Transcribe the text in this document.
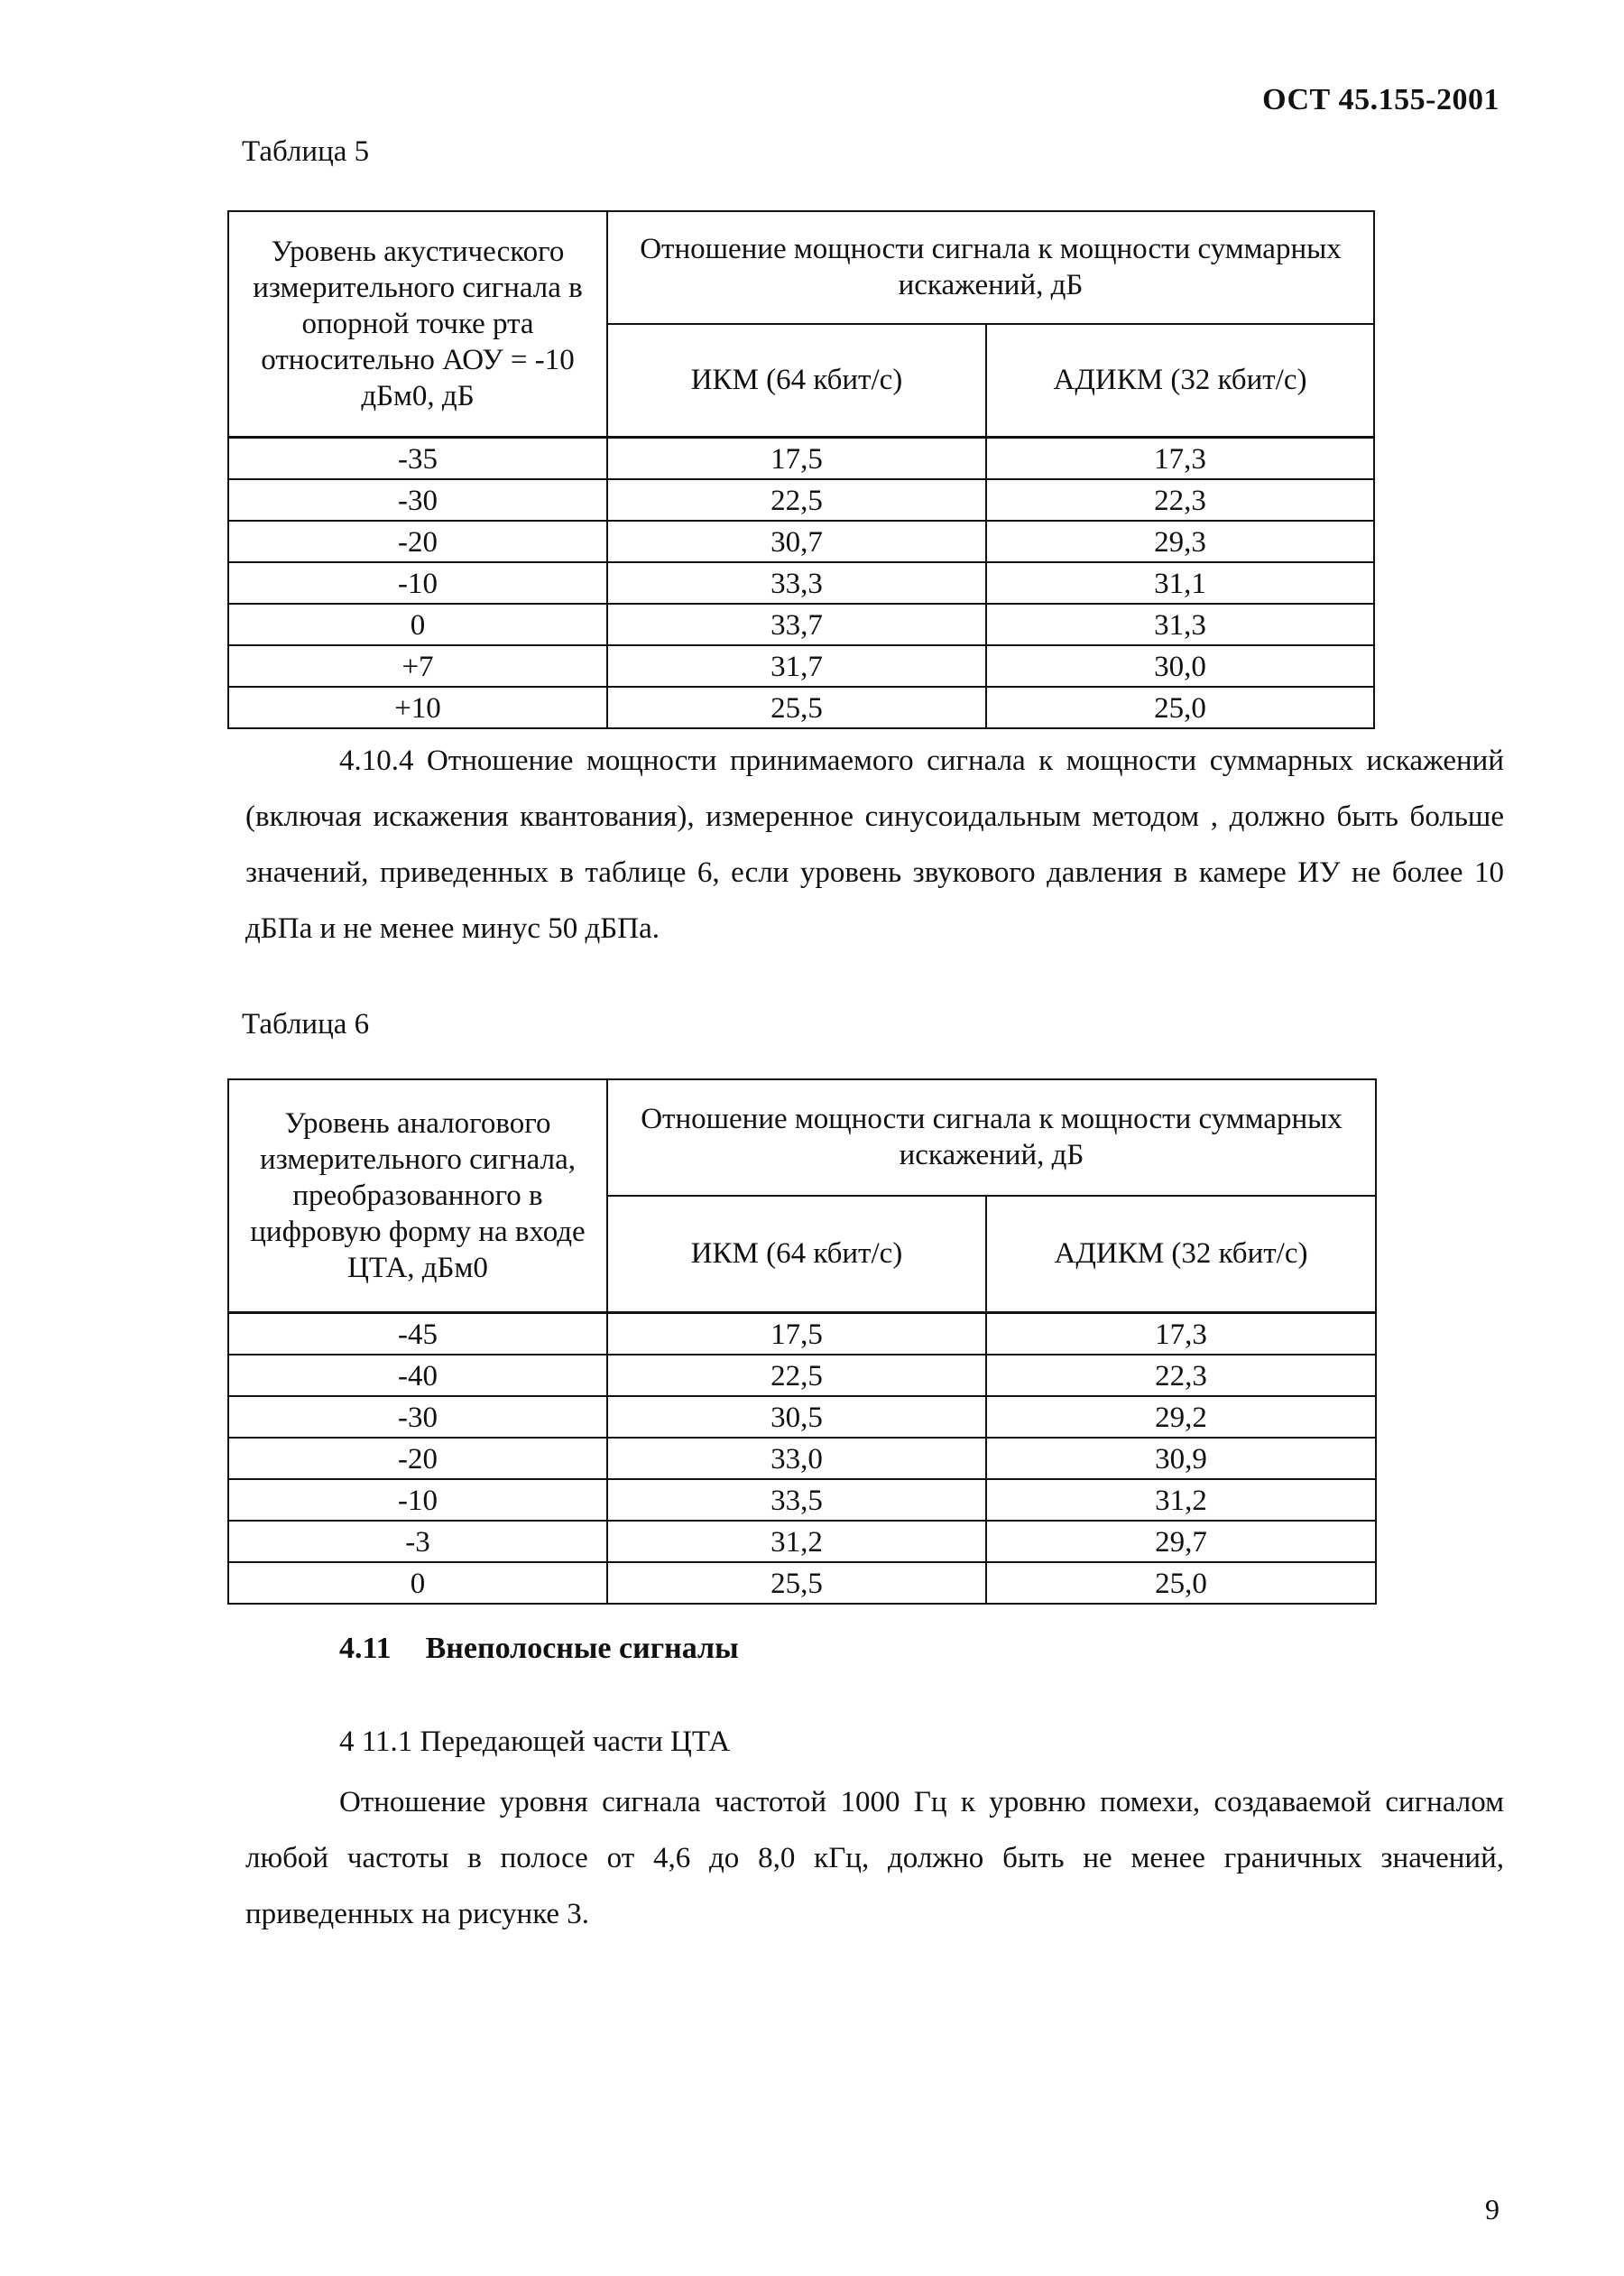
ОСТ 45.155-2001
Таблица 5
Уровень акустического измерительного сигнала в опорной точке рта относительно АОУ = -10 дБм0, дБ	Отношение мощности сигнала к мощности суммарных искажений, дБ	
	ИКМ (64 кбит/с)	АДИКМ (32 кбит/с)
-35	17,5	17,3
-30	22,5	22,3
-20	30,7	29,3
-10	33,3	31,1
0	33,7	31,3
+7	31,7	30,0
+10	25,5	25,0
4.10.4 Отношение мощности принимаемого сигнала к мощности суммарных искажений (включая искажения квантования), измеренное синусоидальным методом , должно быть больше значений, приведенных в таблице 6, если уровень звукового давления в камере ИУ не более 10 дБПа и не менее минус 50 дБПа.
Таблица 6
Уровень аналогового измерительного сигнала, преобразованного в цифровую форму на входе ЦТА, дБм0	Отношение мощности сигнала к мощности суммарных искажений, дБ	
	ИКМ (64 кбит/с)	АДИКМ (32 кбит/с)
-45	17,5	17,3
-40	22,5	22,3
-30	30,5	29,2
-20	33,0	30,9
-10	33,5	31,2
-3	31,2	29,7
0	25,5	25,0
4.11 Внеполосные сигналы
4 11.1 Передающей части ЦТА
Отношение уровня сигнала частотой 1000 Гц к уровню помехи, создаваемой сигналом любой частоты в полосе от 4,6 до 8,0 кГц, должно быть не менее граничных значений, приведенных на рисунке 3.
9
